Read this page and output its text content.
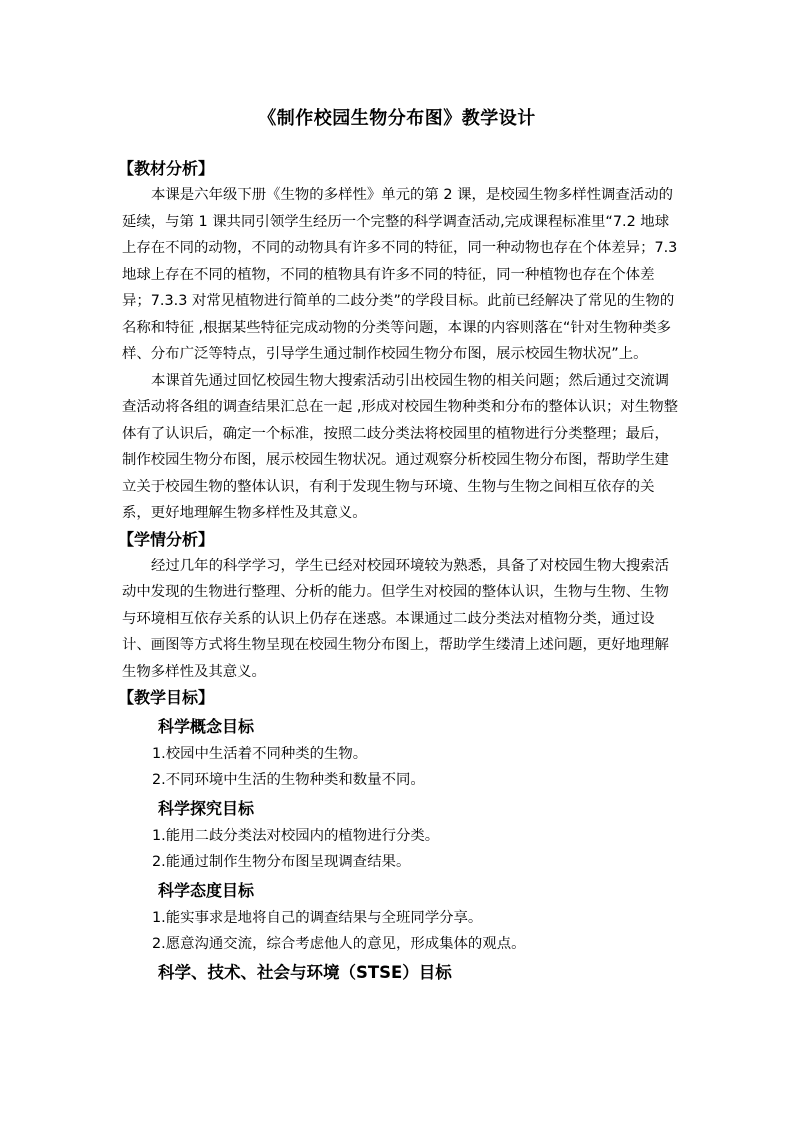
《制作校园生物分布图》教学设计
【教材分析】

本课是六年级下册《生物的多样性》单元的第 2 课，是校园生物多样性调查活动的延续，与第 1 课共同引领学生经历一个完整的科学调查活动,完成课程标准里“7.2 地球上存在不同的动物，不同的动物具有许多不同的特征，同一种动物也存在个体差异；7.3 地球上存在不同的植物，不同的植物具有许多不同的特征，同一种植物也存在个体差异；7.3.3 对常见植物进行简单的二歧分类”的学段目标。此前已经解决了常见的生物的名称和特征 ,根据某些特征完成动物的分类等问题，本课的内容则落在“针对生物种类多样、分布广泛等特点，引导学生通过制作校园生物分布图，展示校园生物状况”上。

本课首先通过回忆校园生物大搜索活动引出校园生物的相关问题；然后通过交流调查活动将各组的调查结果汇总在一起 ,形成对校园生物种类和分布的整体认识；对生物整体有了认识后，确定一个标准，按照二歧分类法将校园里的植物进行分类整理；最后，制作校园生物分布图，展示校园生物状况。通过观察分析校园生物分布图，帮助学生建立关于校园生物的整体认识，有利于发现生物与环境、生物与生物之间相互依存的关系，更好地理解生物多样性及其意义。

【学情分析】

经过几年的科学学习，学生已经对校园环境较为熟悉，具备了对校园生物大搜索活动中发现的生物进行整理、分析的能力。但学生对校园的整体认识，生物与生物、生物与环境相互依存关系的认识上仍存在迷惑。本课通过二歧分类法对植物分类，通过设计、画图等方式将生物呈现在校园生物分布图上，帮助学生缕清上述问题，更好地理解生物多样性及其意义。

【教学目标】
科学概念目标
1.校园中生活着不同种类的生物。
2.不同环境中生活的生物种类和数量不同。
科学探究目标
1.能用二歧分类法对校园内的植物进行分类。
2.能通过制作生物分布图呈现调查结果。
科学态度目标
1.能实事求是地将自己的调查结果与全班同学分享。
2.愿意沟通交流，综合考虑他人的意见，形成集体的观点。
科学、技术、社会与环境（STSE）目标
